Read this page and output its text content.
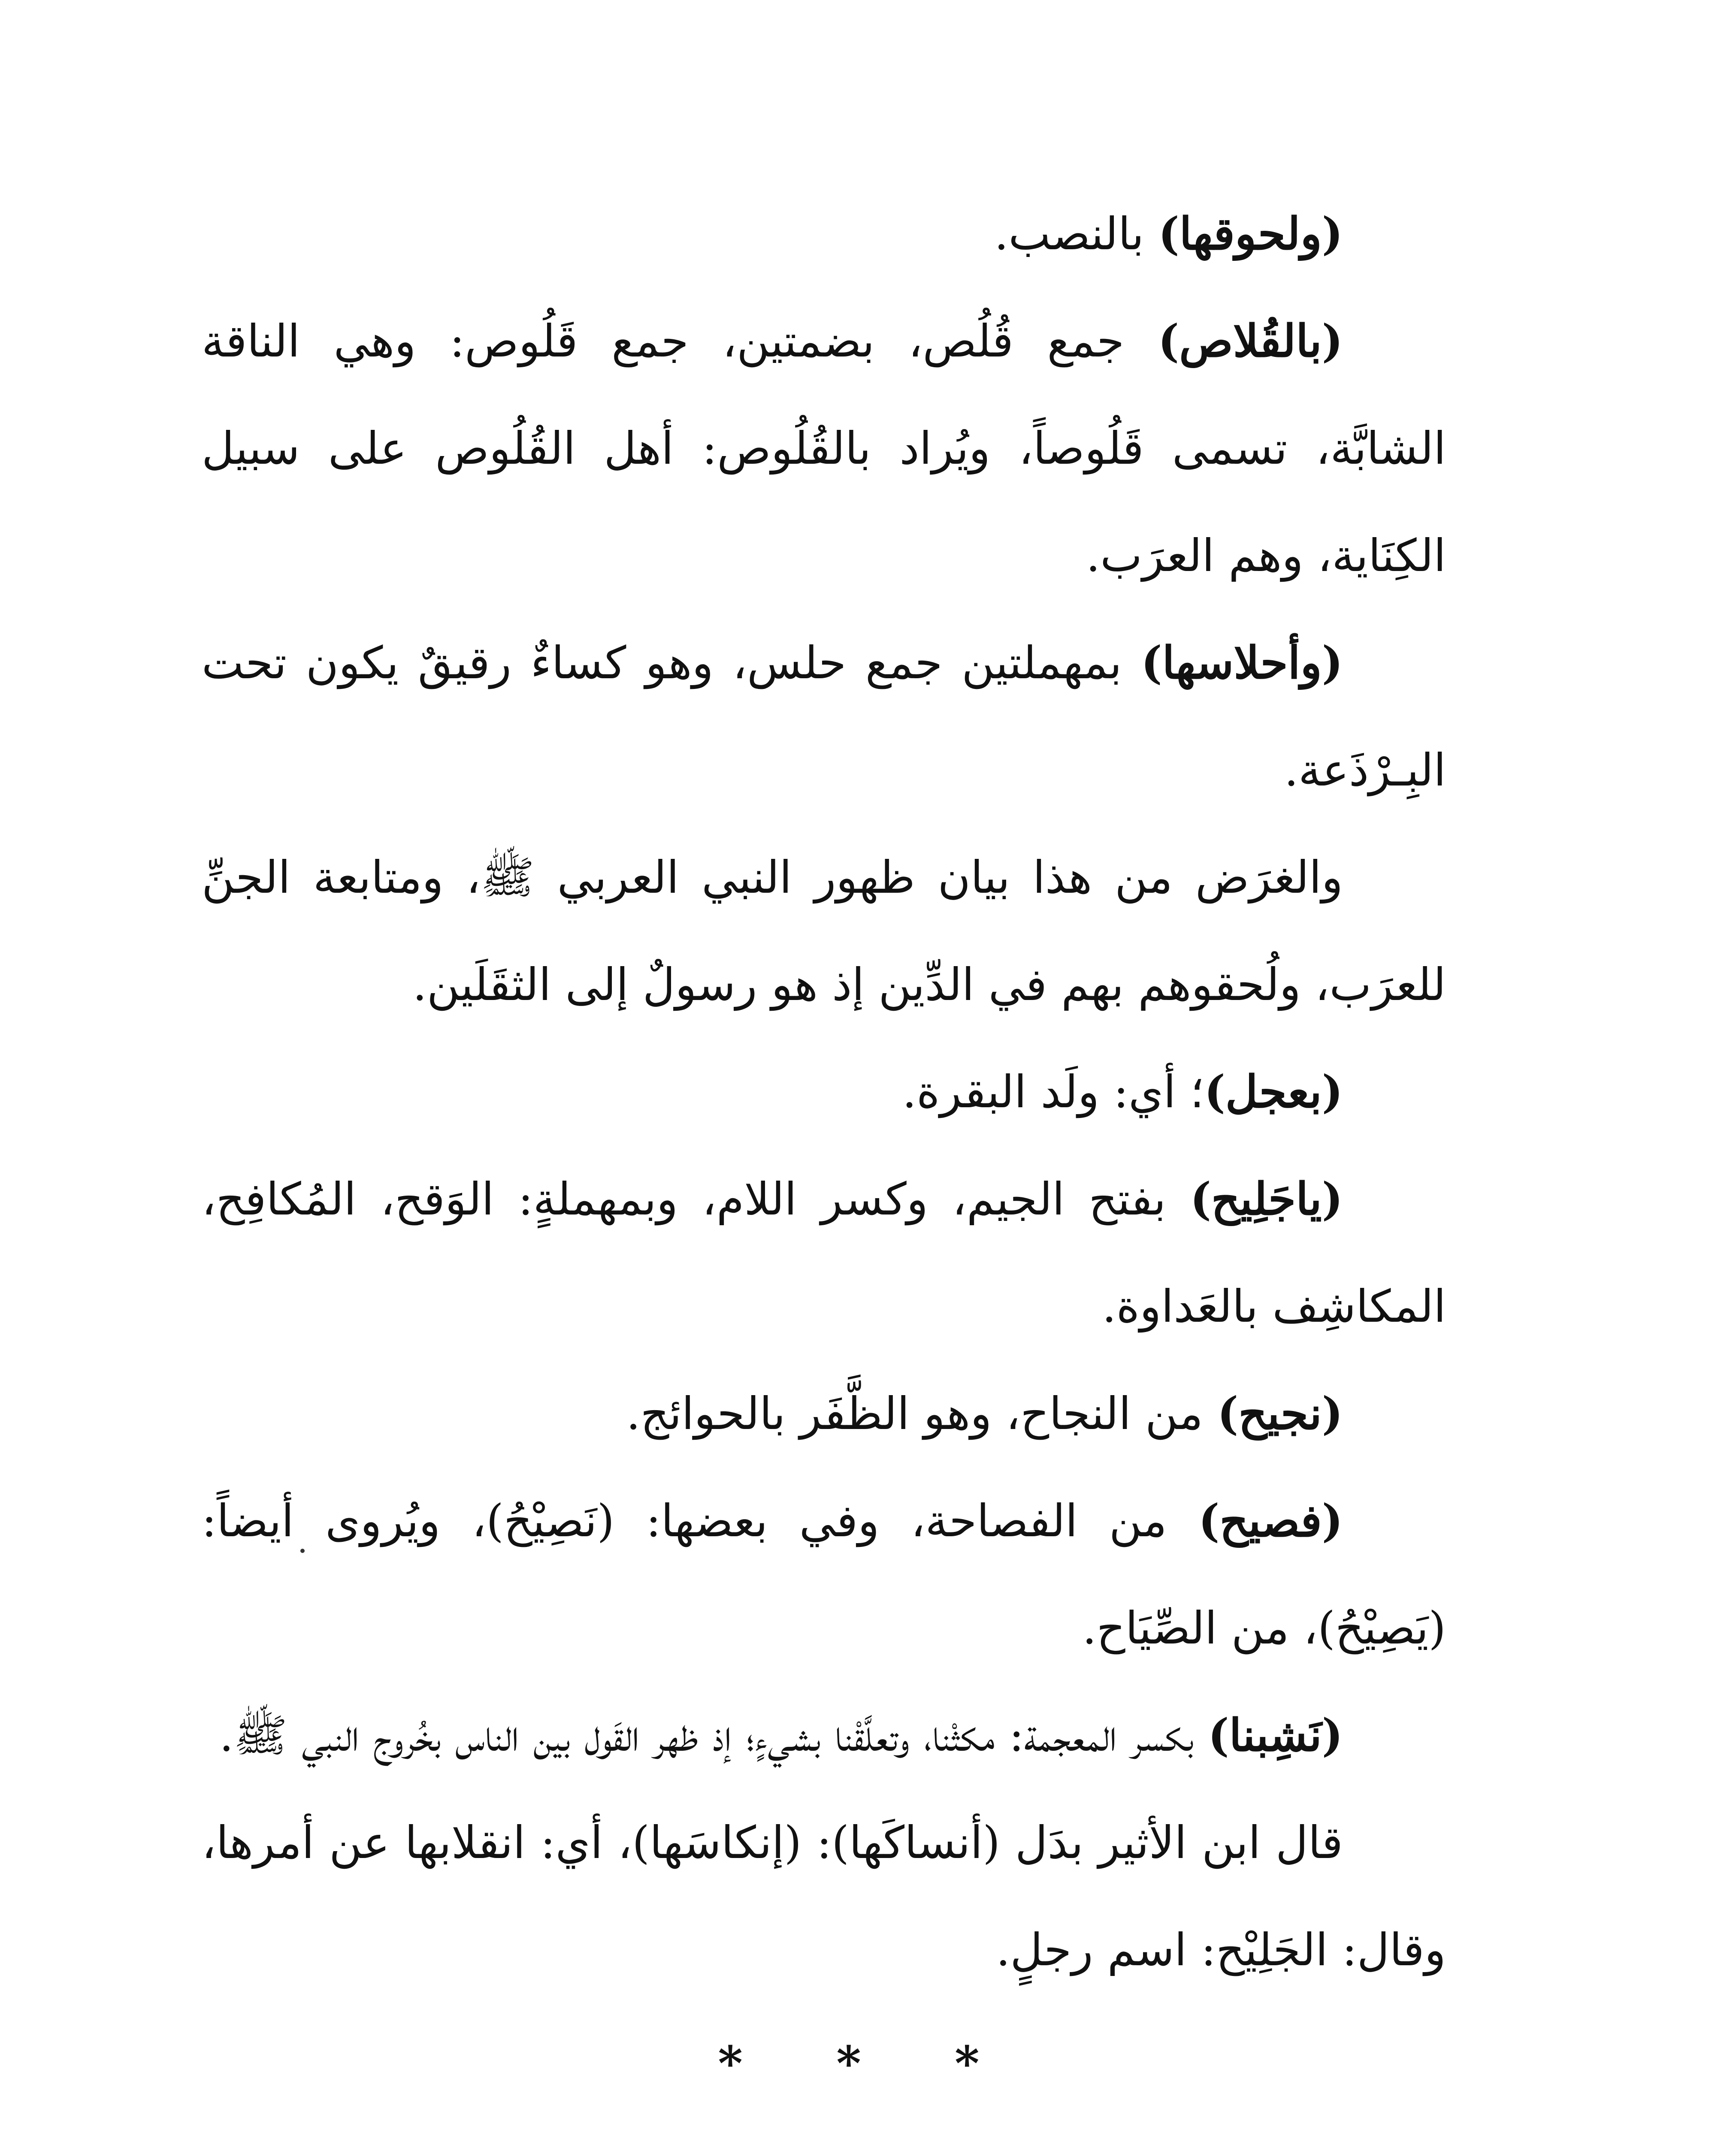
(ولحوقها) بالنصب.

(بالقُلاص) جمع قُلُص، بضمتين، جمع قَلُوص: وهي الناقة الشابَّة، تسمى قَلُوصاً، ويُراد بالقُلُوص: أهل القُلُوص على سبيل الكِنَاية، وهم العرَب.

(وأحلاسها) بمهملتين جمع حلس، وهو كساءٌ رقيقٌ يكون تحت البِـرْذَعة.

والغرَض من هذا بيان ظهور النبي العربي ﷺ، ومتابعة الجنِّ للعرَب، ولُحقوهم بهم في الدِّين إذ هو رسولٌ إلى الثقَلَين.

(بعجل)؛ أي: ولَد البقرة.

(ياجَلِيح) بفتح الجيم، وكسر اللام، وبمهملةٍ: الوَقح، المُكافِح، المكاشِف بالعَداوة.

(نجيح) من النجاح، وهو الظَّفَر بالحوائج.

(فصيح) من الفصاحة، وفي بعضها: (نَصِيْحُ)، ويُروى أيضاً: (يَصِيْحُ)، من الصِّيَاح.

(نَشِبنا) بكسر المعجمة: مكثْنا، وتعلَّقْنا بشيءٍ؛ إذ ظهر القَول بين الناس بخُروج النبي ﷺ.

قال ابن الأثير بدَل (أنساكَها): (إنكاسَها)، أي: انقلابها عن أمرها، وقال: الجَلِيْح: اسم رجلٍ.

* * *
